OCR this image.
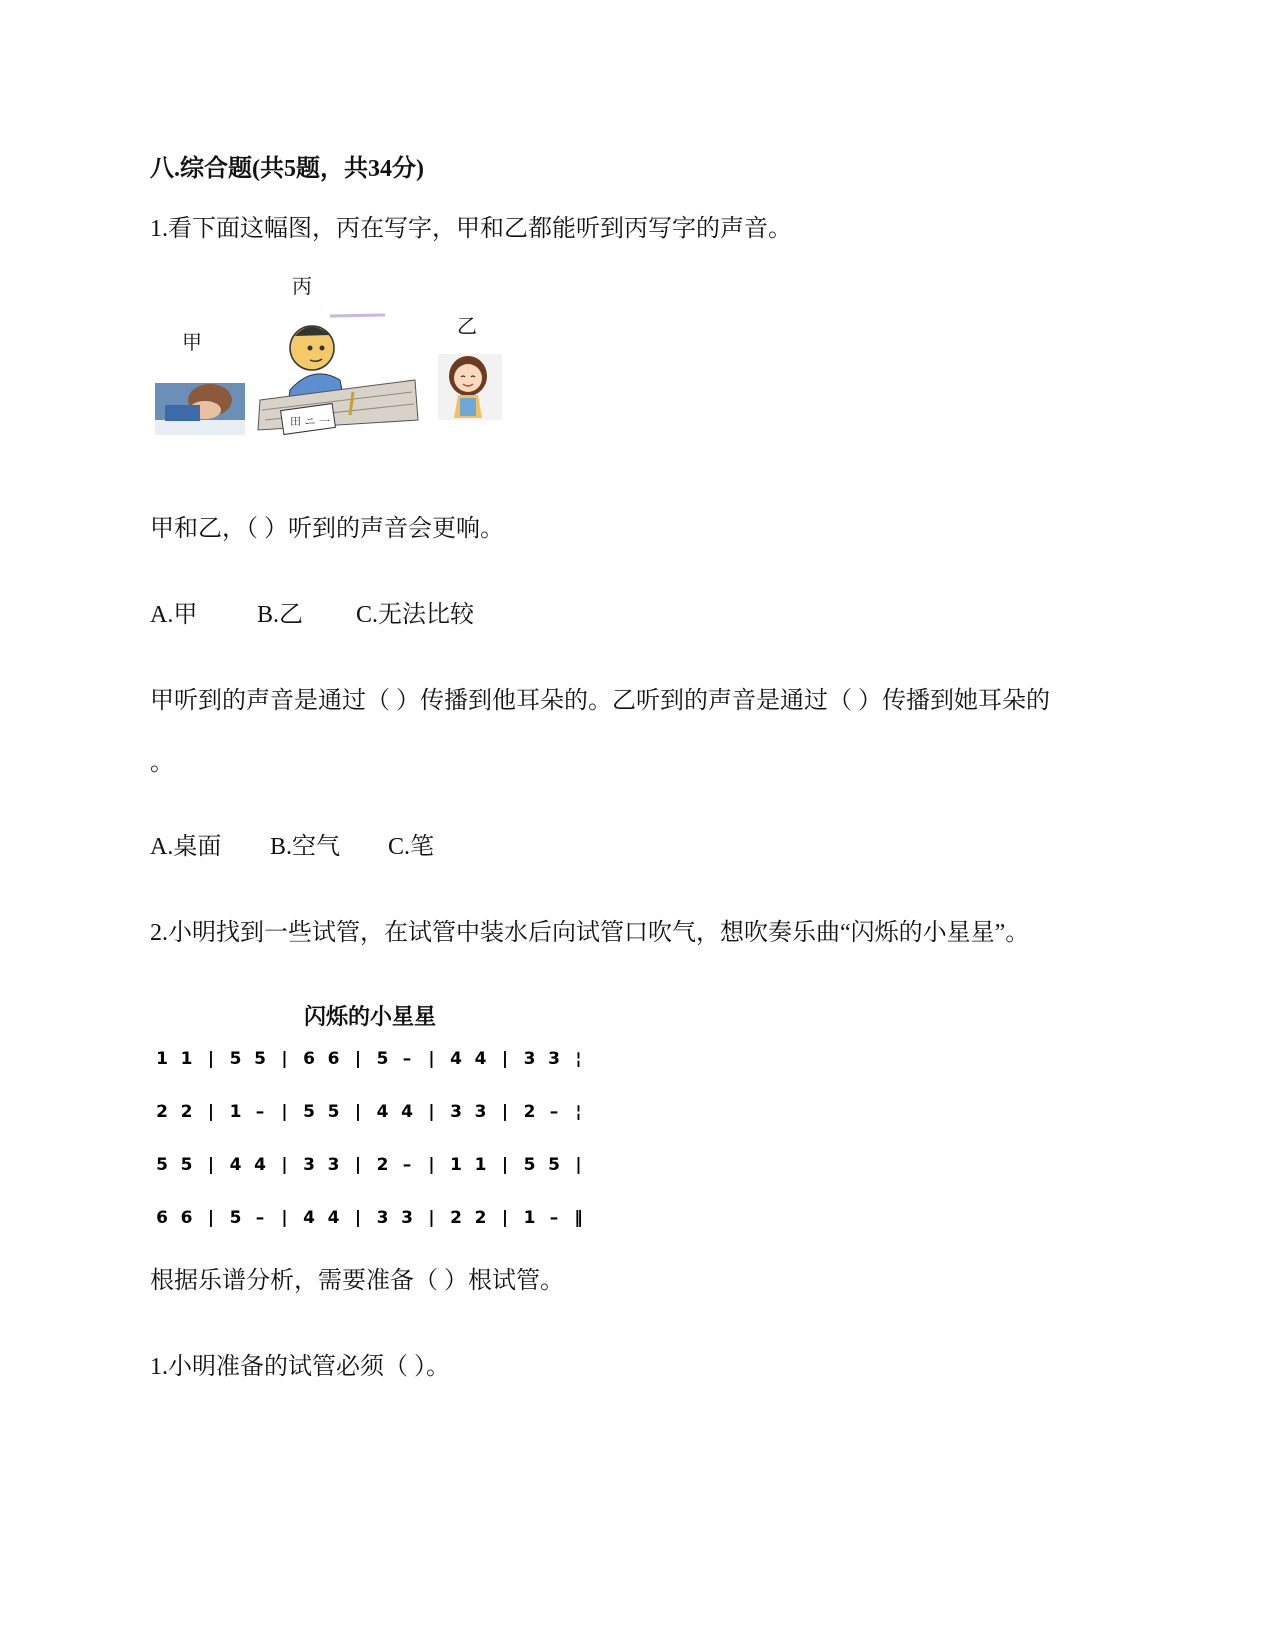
八.综合题(共5题，共34分)
1.看下面这幅图，丙在写字，甲和乙都能听到丙写字的声音。
丙
甲
乙
田 ニ 一
甲和乙，（ ）听到的声音会更响。
A.甲 B.乙 C.无法比较
甲听到的声音是通过（ ）传播到他耳朵的。乙听到的声音是通过（ ）传播到她耳朵的
。
A.桌面 B.空气 C.笔
2.小明找到一些试管，在试管中装水后向试管口吹气，想吹奏乐曲“闪烁的小星星”。
闪烁的小星星
1 1 | 5 5 | 6 6 | 5 – | 4 4 | 3 3 ¦
2 2 | 1 – | 5 5 | 4 4 | 3 3 | 2 – ¦
5 5 | 4 4 | 3 3 | 2 – | 1 1 | 5 5 |
6 6 | 5 – | 4 4 | 3 3 | 2 2 | 1 – ‖
根据乐谱分析，需要准备（ ）根试管。
1.小明准备的试管必须（ ）。
